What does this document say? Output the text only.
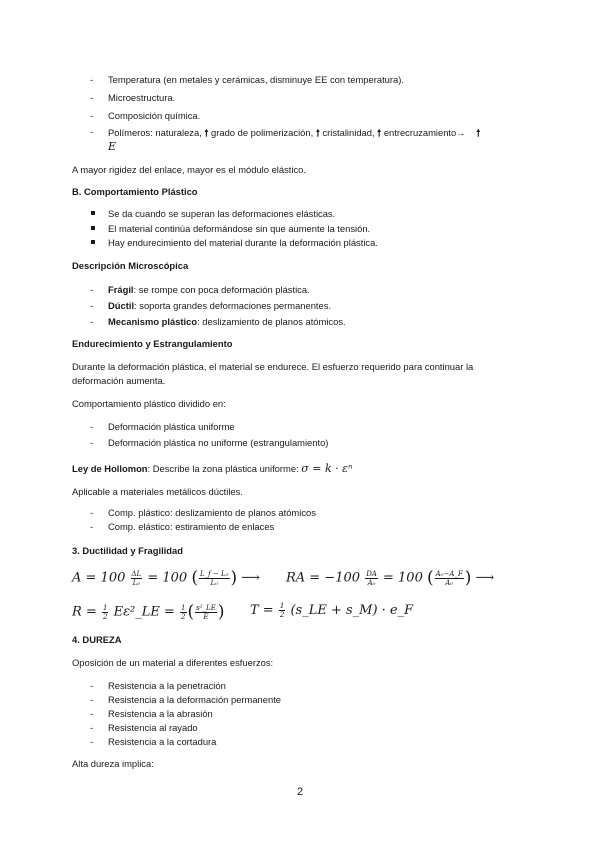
- Temperatura (en metales y cerámicas, disminuye EE con temperatura).
- Microestructura.
- Composición química.
- Polímeros: naturaleza, 🠕 grado de polimerización, 🠕 cristalinidad, 🠕 entrecruzamiento→ 🠕
E
A mayor rigidez del enlace, mayor es el módulo elástico.
B. Comportamiento Plástico
Se da cuando se superan las deformaciones elásticas.
El material continúa deformándose sin que aumente la tensión.
Hay endurecimiento del material durante la deformación plástica.
Descripción Microscópica
- Frágil: se rompe con poca deformación plástica.
- Dúctil: soporta grandes deformaciones permanentes.
- Mecanismo plástico: deslizamiento de planos atómicos.
Endurecimiento y Estrangulamiento
Durante la deformación plástica, el material se endurece. El esfuerzo requerido para continuar la
deformación aumenta.
Comportamiento plástico dividido en:
- Deformación plástica uniforme
- Deformación plástica no uniforme (estrangulamiento)
Ley de Hollomon: Describe la zona plástica uniforme: σ = k · εⁿ
Aplicable a materiales metálicos dúctiles.
- Comp. plástico: deslizamiento de planos atómicos
- Comp. elástico: estiramiento de enlaces
3. Ductilidad y Fragilidad
$A = 100 \frac{\Delta L}{\text{L₀}} = 100$ ( $\frac{\text{L\_f − L₀}}{\text{L₀}}$ ) ⟶ RA = $-100 \frac{DA}{\text{A₀}} = 100$ ( $\frac{\text{A₀−A\_F}}{\text{A₀}}$ ) ⟶
$R = \frac{1}{2}$ Eε²_LE = $\frac{1}{2}$ ( $\frac{\text{s²\_LE}}{E}$ ) $T = \frac{1}{2}$ (s_LE + s_M) · e_F
4. DUREZA
Oposición de un material a diferentes esfuerzos:
- Resistencia a la penetración
- Resistencia a la deformación permanente
- Resistencia a la abrasión
- Resistencia al rayado
- Resistencia a la cortadura
Alta dureza implica:
2
